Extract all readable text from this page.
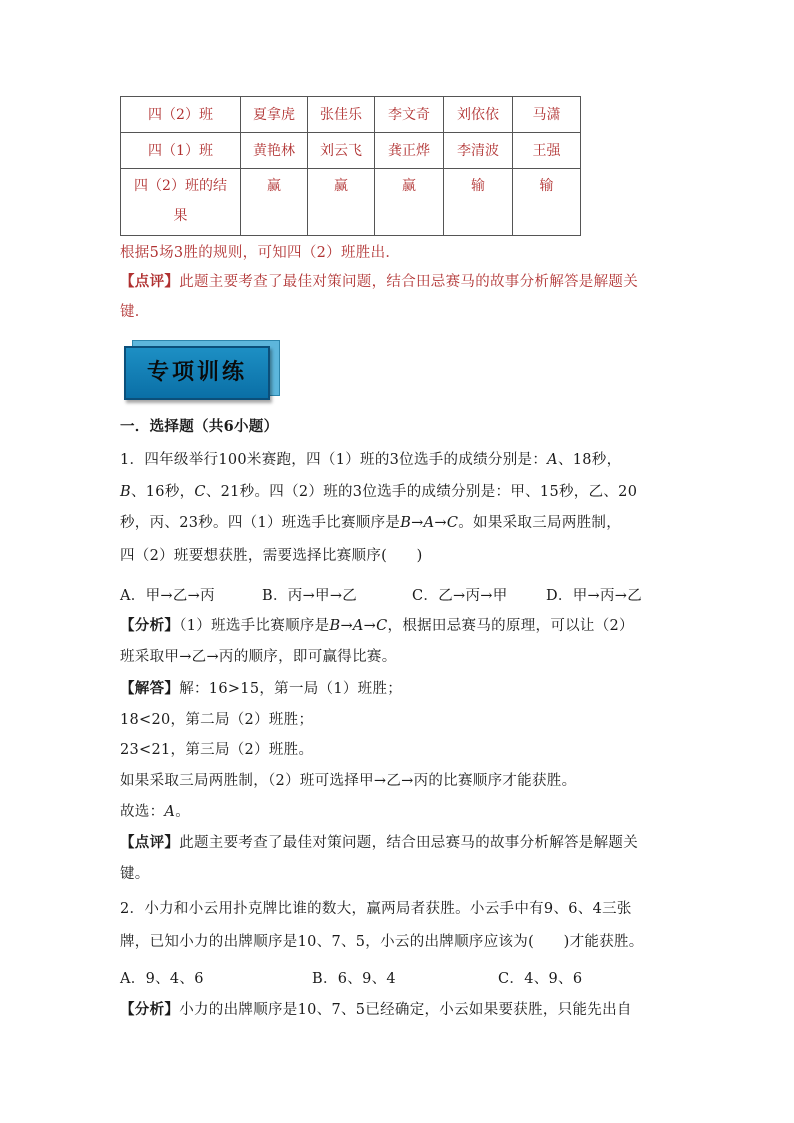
四（2）班	夏拿虎	张佳乐	李文奇	刘依依	马潇
四（1）班	黄艳林	刘云飞	龚正烨	李清波	王强
四（2）班的结
果	赢	赢	赢	输	输
根据5场3胜的规则，可知四（2）班胜出．
【点评】此题主要考查了最佳对策问题，结合田忌赛马的故事分析解答是解题关
键．
专项训练
一．选择题（共6小题）
1．四年级举行100米赛跑，四（1）班的3位选手的成绩分别是：A、18秒，
B、16秒，C、21秒。四（2）班的3位选手的成绩分别是：甲、15秒，乙、20
秒，丙、23秒。四（1）班选手比赛顺序是B→A→C。如果采取三局两胜制，
四（2）班要想获胜，需要选择比赛顺序(　　)
A．甲→乙→丙	B．丙→甲→乙	C．乙→丙→甲	D．甲→丙→乙
【分析】（1）班选手比赛顺序是B→A→C，根据田忌赛马的原理，可以让（2）
班采取甲→乙→丙的顺序，即可赢得比赛。
【解答】解：16>15，第一局（1）班胜；
18<20，第二局（2）班胜；
23<21，第三局（2）班胜。
如果采取三局两胜制，（2）班可选择甲→乙→丙的比赛顺序才能获胜。
故选：A。
【点评】此题主要考查了最佳对策问题，结合田忌赛马的故事分析解答是解题关
键。
2．小力和小云用扑克牌比谁的数大，赢两局者获胜。小云手中有9、6、4三张
牌，已知小力的出牌顺序是10、7、5，小云的出牌顺序应该为(　　)才能获胜。
A．9、4、6	B．6、9、4	C．4、9、6
【分析】小力的出牌顺序是10、7、5已经确定，小云如果要获胜，只能先出自
